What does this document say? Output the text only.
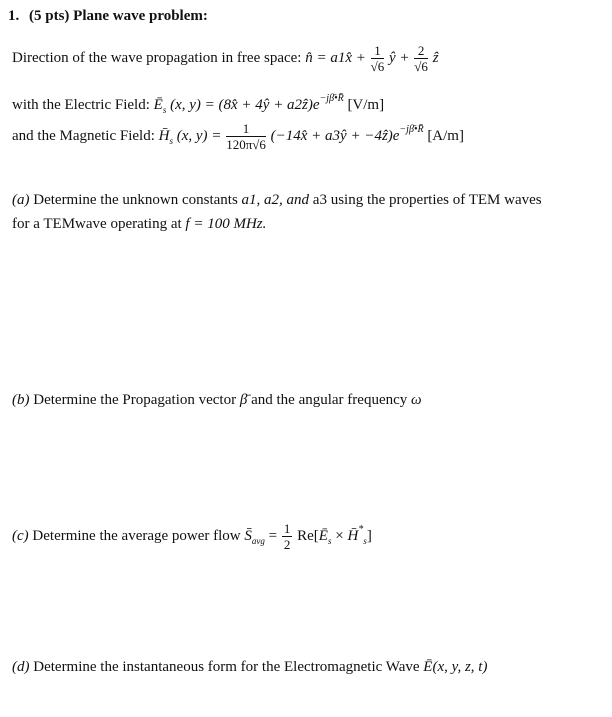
1. (5 pts) Plane wave problem:
Direction of the wave propagation in free space: n̂ = a1x̂ + $\frac{1}{√6}$ ŷ + $\frac{2}{√6}$ ẑ
with the Electric Field: $Ē_s$ (x, y) = (8x̂ + 4ŷ + $a2ẑ)e^{-j\betā•R̄}$ [V/m]
and the Magnetic Field: $H̄_s$ (x, $y) = \frac{1}{120\pi√6}$ (−14x̂ + a3ŷ + $-4ẑ)e^{-j\betā•R̄}$ [A/m]
(a) Determine the unknown constants a1, a2, and a3 using the properties of TEM waves
for a TEMwave operating at f = 100 MHz.
(b) Determine the Propagation vector β̄ and the angular frequency ω
(c) Determine the average power flow $S̄_{avg} = \frac{1}{2}$ $Re[Ē_s$ × $H̄^*_s$]
(d) Determine the instantaneous form for the Electromagnetic Wave Ē(x, y, z, t)
